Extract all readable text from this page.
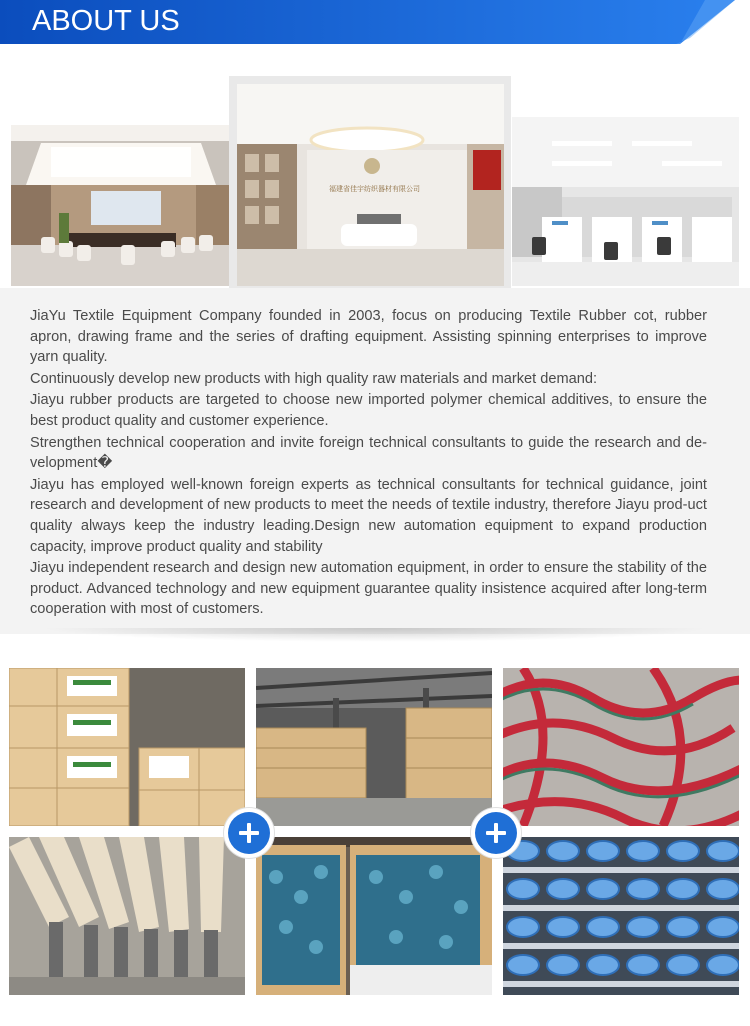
ABOUT US
福建省佳宇纺织器材有限公司

JiaYu Textile Equipment Company founded in 2003, focus on producing Textile Rubber cot, rubber apron, drawing frame and the series of drafting equipment. Assisting spinning enterprises to improve yarn quality.

Continuously develop new products with high quality raw materials and market demand:

Jiayu rubber products are targeted to choose new imported polymer chemical additives, to ensure the best product quality and customer experience.

Strengthen technical cooperation and invite foreign technical consultants to guide the research and de-velopment�

Jiayu has employed well-known foreign experts as technical consultants for technical guidance, joint research and development of new products to meet the needs of textile industry, therefore Jiayu prod-uct quality always keep the industry leading.Design new automation equipment to expand production capacity, improve product quality and stability

Jiayu independent research and design new automation equipment, in order to ensure the stability of the product. Advanced technology and new equipment guarantee quality insistence acquired after long-term cooperation with most of customers.
